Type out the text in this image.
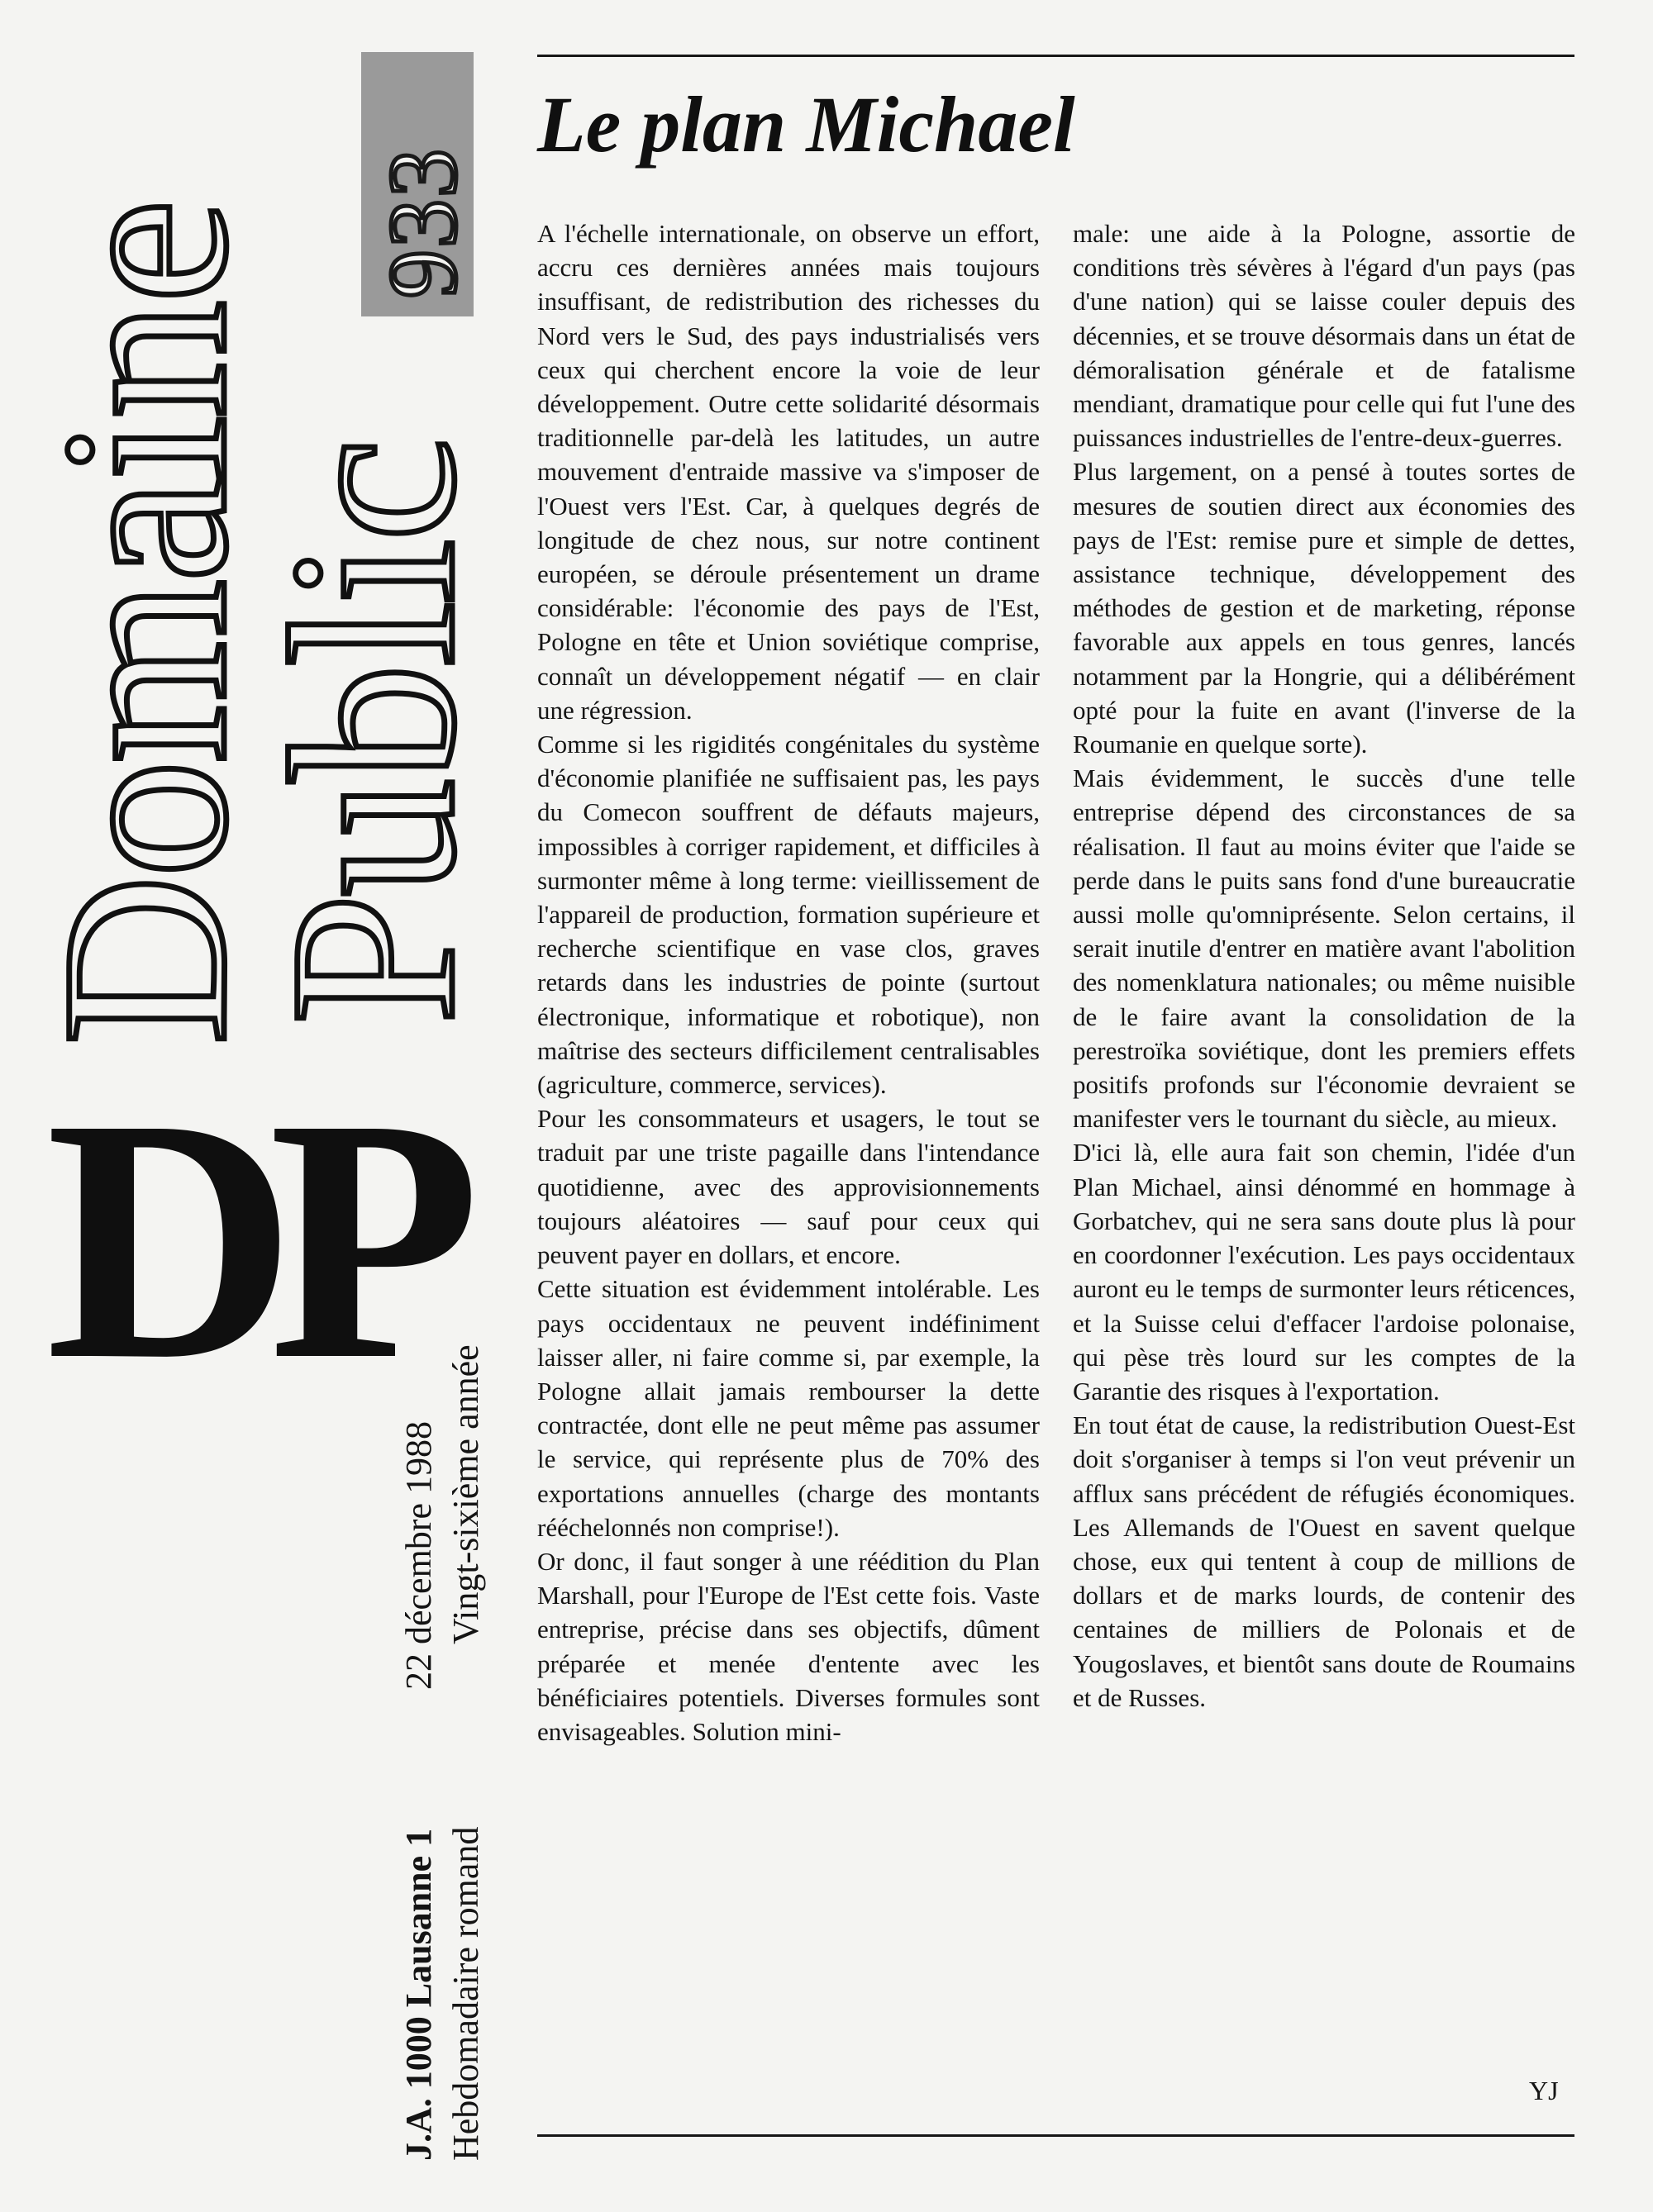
Domaine
Public
933
D
P
J.A. 1000 Lausanne 1 Hebdomadaire romand
22 décembre 1988 Vingt-sixième année
Le plan Michael

A l'échelle internationale, on observe un effort, accru ces dernières années mais toujours insuffisant, de redistribution des richesses du Nord vers le Sud, des pays industrialisés vers ceux qui cherchent encore la voie de leur développement. Outre cette solidarité désormais traditionnelle par-delà les latitudes, un autre mouvement d'entraide massive va s'imposer de l'Ouest vers l'Est. Car, à quelques degrés de longitude de chez nous, sur notre continent européen, se déroule présentement un drame considérable: l'économie des pays de l'Est, Pologne en tête et Union soviétique comprise, connaît un développement négatif — en clair une régression.

Comme si les rigidités congénitales du système d'économie planifiée ne suffisaient pas, les pays du Comecon souffrent de défauts majeurs, impossibles à corriger rapidement, et difficiles à surmonter même à long terme: vieillissement de l'appareil de production, formation supérieure et recherche scientifique en vase clos, graves retards dans les industries de pointe (surtout électronique, informatique et robotique), non maîtrise des secteurs difficilement centralisables (agriculture, commerce, services).

Pour les consommateurs et usagers, le tout se traduit par une triste pagaille dans l'intendance quotidienne, avec des approvisionnements toujours aléatoires — sauf pour ceux qui peuvent payer en dollars, et encore.

Cette situation est évidemment intolérable. Les pays occidentaux ne peuvent indéfiniment laisser aller, ni faire comme si, par exemple, la Pologne allait jamais rembourser la dette contractée, dont elle ne peut même pas assumer le service, qui représente plus de 70% des exportations annuelles (charge des montants rééchelonnés non comprise!).

Or donc, il faut songer à une réédition du Plan Marshall, pour l'Europe de l'Est cette fois. Vaste entreprise, précise dans ses objectifs, dûment préparée et menée d'entente avec les bénéficiaires potentiels. Diverses formules sont envisageables. Solution mini-

male: une aide à la Pologne, assortie de conditions très sévères à l'égard d'un pays (pas d'une nation) qui se laisse couler depuis des décennies, et se trouve désormais dans un état de démoralisation générale et de fatalisme mendiant, dramatique pour celle qui fut l'une des puissances industrielles de l'entre-deux-guerres.

Plus largement, on a pensé à toutes sortes de mesures de soutien direct aux économies des pays de l'Est: remise pure et simple de dettes, assistance technique, développement des méthodes de gestion et de marketing, réponse favorable aux appels en tous genres, lancés notamment par la Hongrie, qui a délibérément opté pour la fuite en avant (l'inverse de la Roumanie en quelque sorte).

Mais évidemment, le succès d'une telle entreprise dépend des circonstances de sa réalisation. Il faut au moins éviter que l'aide se perde dans le puits sans fond d'une bureaucratie aussi molle qu'omniprésente. Selon certains, il serait inutile d'entrer en matière avant l'abolition des nomenklatura nationales; ou même nuisible de le faire avant la consolidation de la perestroïka soviétique, dont les premiers effets positifs profonds sur l'économie devraient se manifester vers le tournant du siècle, au mieux.

D'ici là, elle aura fait son chemin, l'idée d'un Plan Michael, ainsi dénommé en hommage à Gorbatchev, qui ne sera sans doute plus là pour en coordonner l'exécution. Les pays occidentaux auront eu le temps de surmonter leurs réticences, et la Suisse celui d'effacer l'ardoise polonaise, qui pèse très lourd sur les comptes de la Garantie des risques à l'exportation.

En tout état de cause, la redistribution Ouest-Est doit s'organiser à temps si l'on veut prévenir un afflux sans précédent de réfugiés économiques. Les Allemands de l'Ouest en savent quelque chose, eux qui tentent à coup de millions de dollars et de marks lourds, de contenir des centaines de milliers de Polonais et de Yougoslaves, et bientôt sans doute de Roumains et de Russes.

YJ
